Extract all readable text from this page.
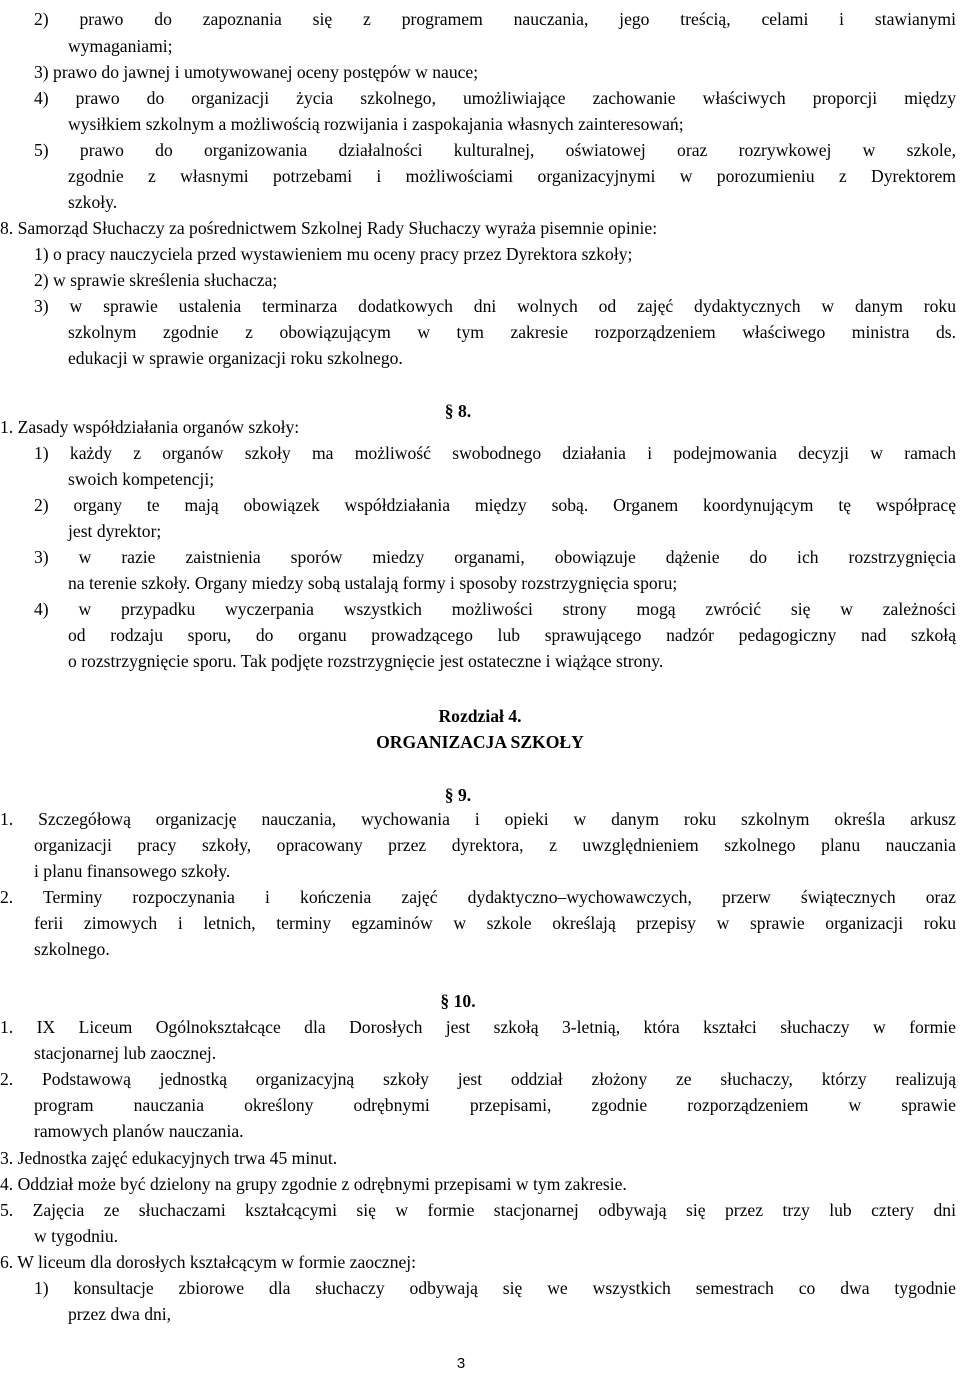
2) prawo do zapoznania się z programem nauczania, jego treścią, celami i stawianymi
wymaganiami;
3) prawo do jawnej i umotywowanej oceny postępów w nauce;
4) prawo do organizacji życia szkolnego, umożliwiające zachowanie właściwych proporcji między
wysiłkiem szkolnym a możliwością rozwijania i zaspokajania własnych zainteresowań;
5) prawo do organizowania działalności kulturalnej, oświatowej oraz rozrywkowej w szkole,
zgodnie z własnymi potrzebami i możliwościami organizacyjnymi w porozumieniu z Dyrektorem
szkoły.
8. Samorząd Słuchaczy za pośrednictwem Szkolnej Rady Słuchaczy wyraża pisemnie opinie:
1) o pracy nauczyciela przed wystawieniem mu oceny pracy przez Dyrektora szkoły;
2) w sprawie skreślenia słuchacza;
3) w sprawie ustalenia terminarza dodatkowych dni wolnych od zajęć dydaktycznych w danym roku
szkolnym zgodnie z obowiązującym w tym zakresie rozporządzeniem właściwego ministra ds.
edukacji w sprawie organizacji roku szkolnego.
§ 8.
1. Zasady współdziałania organów szkoły:
1) każdy z organów szkoły ma możliwość swobodnego działania i podejmowania decyzji w ramach
swoich kompetencji;
2) organy te mają obowiązek współdziałania między sobą. Organem koordynującym tę współpracę
jest dyrektor;
3) w razie zaistnienia sporów miedzy organami, obowiązuje dążenie do ich rozstrzygnięcia
na terenie szkoły. Organy miedzy sobą ustalają formy i sposoby rozstrzygnięcia sporu;
4) w przypadku wyczerpania wszystkich możliwości strony mogą zwrócić się w zależności
od rodzaju sporu, do organu prowadzącego lub sprawującego nadzór pedagogiczny nad szkołą
o rozstrzygnięcie sporu. Tak podjęte rozstrzygnięcie jest ostateczne i wiążące strony.
Rozdział 4.
ORGANIZACJA SZKOŁY
§ 9.
1. Szczegółową organizację nauczania, wychowania i opieki w danym roku szkolnym określa arkusz
organizacji pracy szkoły, opracowany przez dyrektora, z uwzględnieniem szkolnego planu nauczania
i planu finansowego szkoły.
2. Terminy rozpoczynania i kończenia zajęć dydaktyczno–wychowawczych, przerw świątecznych oraz
ferii zimowych i letnich, terminy egzaminów w szkole określają przepisy w sprawie organizacji roku
szkolnego.
§ 10.
1. IX Liceum Ogólnokształcące dla Dorosłych jest szkołą 3-letnią, która kształci słuchaczy w formie
stacjonarnej lub zaocznej.
2. Podstawową jednostką organizacyjną szkoły jest oddział złożony ze słuchaczy, którzy realizują
program nauczania określony odrębnymi przepisami, zgodnie rozporządzeniem w sprawie
ramowych planów nauczania.
3. Jednostka zajęć edukacyjnych trwa 45 minut.
4. Oddział może być dzielony na grupy zgodnie z odrębnymi przepisami w tym zakresie.
5. Zajęcia ze słuchaczami kształcącymi się w formie stacjonarnej odbywają się przez trzy lub cztery dni
w tygodniu.
6. W liceum dla dorosłych kształcącym w formie zaocznej:
1) konsultacje zbiorowe dla słuchaczy odbywają się we wszystkich semestrach co dwa tygodnie
przez dwa dni,
3
